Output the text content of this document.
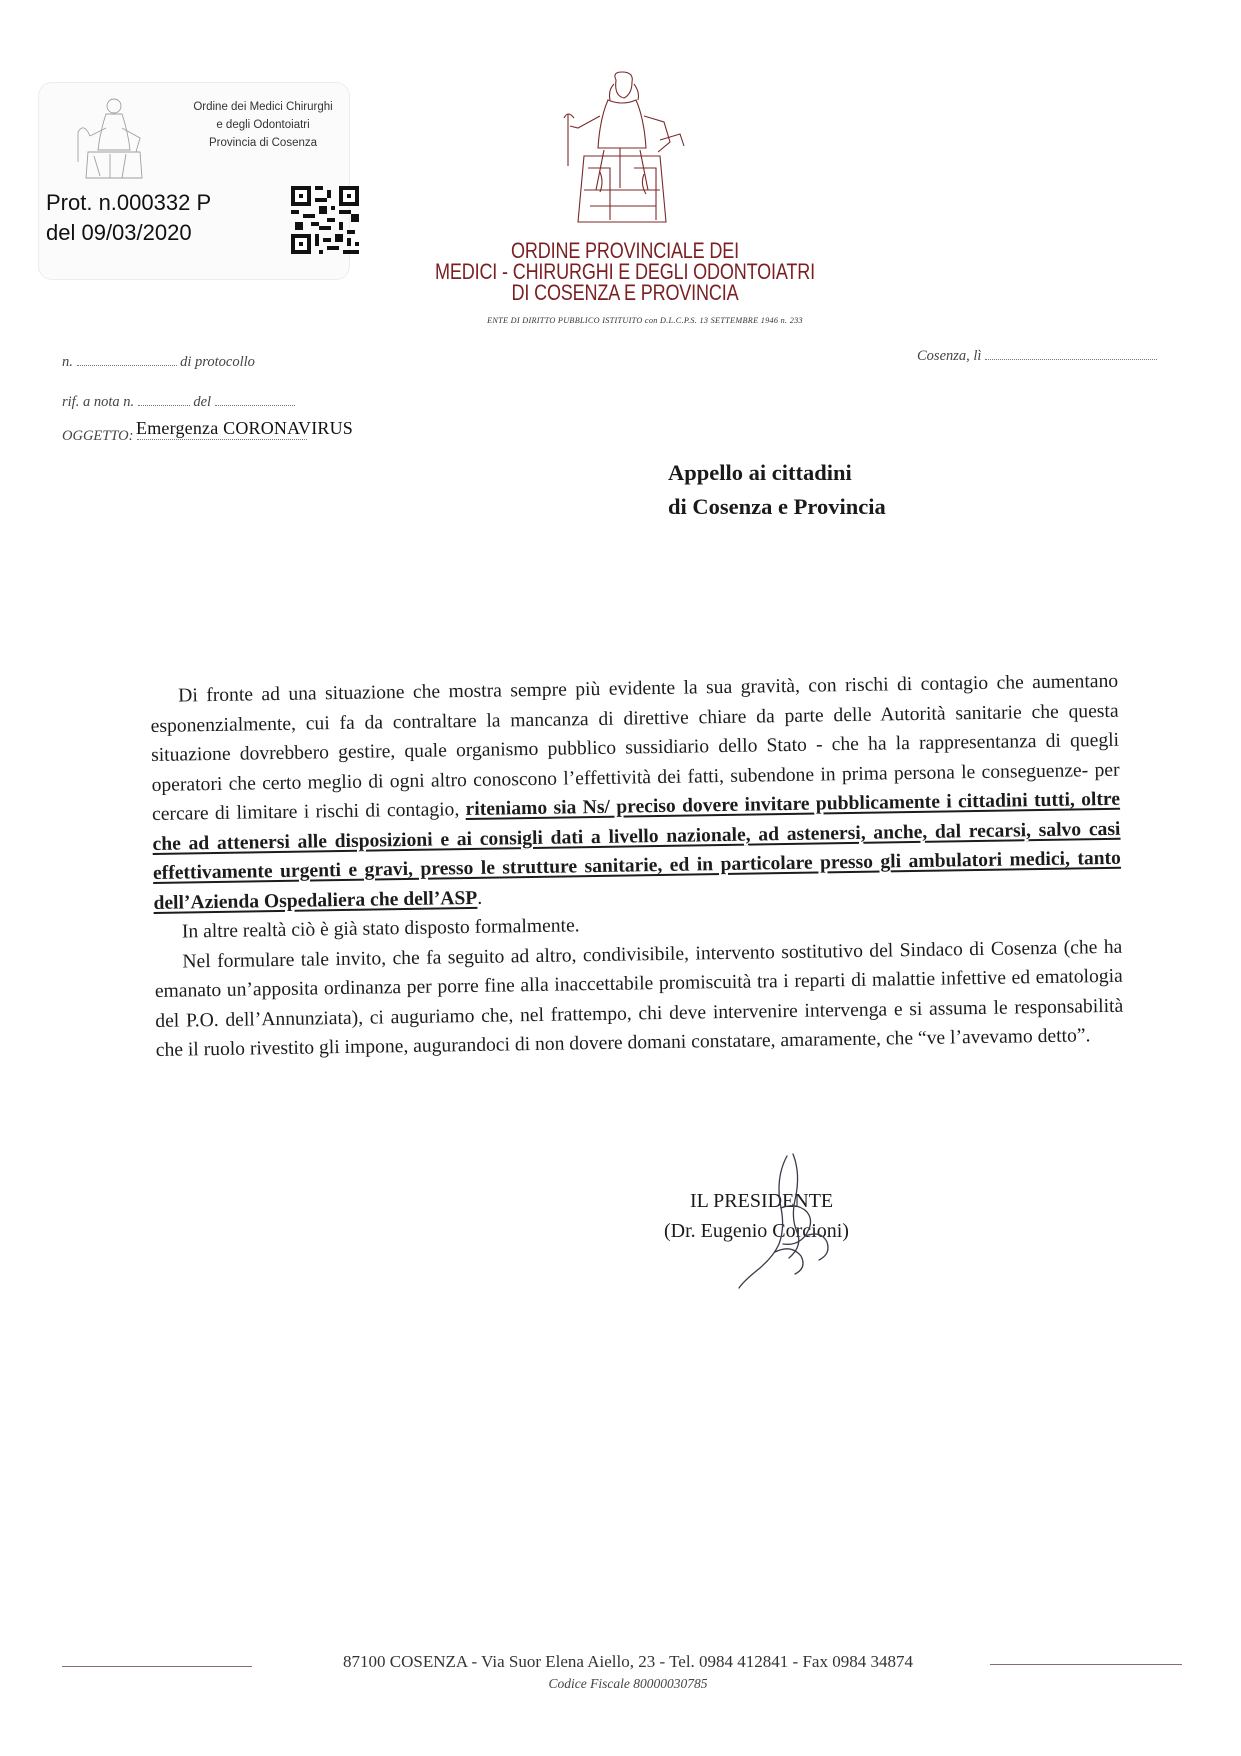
Ordine dei Medici Chirurghi
e degli Odontoiatri
Provincia di Cosenza
Prot. n.000332 P
del 09/03/2020
ORDINE PROVINCIALE DEI
MEDICI - CHIRURGHI E DEGLI ODONTOIATRI
DI COSENZA E PROVINCIA
ENTE DI DIRITTO PUBBLICO ISTITUITO con D.L.C.P.S. 13 SETTEMBRE 1946 n. 233
n.	di protocollo
rif. a nota n.	del
Cosenza, lì
OGGETTO: Emergenza CORONAVIRUS
Appello ai cittadini
di Cosenza e Provincia

Di fronte ad una situazione che mostra sempre più evidente la sua gravità, con rischi di contagio che aumentano esponenzialmente, cui fa da contraltare la mancanza di direttive chiare da parte delle Autorità sanitarie che questa situazione dovrebbero gestire, quale organismo pubblico sussidiario dello Stato - che ha la rappresentanza di quegli operatori che certo meglio di ogni altro conoscono l’effettività dei fatti, subendone in prima persona le conseguenze- per cercare di limitare i rischi di contagio, riteniamo sia Ns/ preciso dovere invitare pubblicamente i cittadini tutti, oltre che ad attenersi alle disposizioni e ai consigli dati a livello nazionale, ad astenersi, anche, dal recarsi, salvo casi effettivamente urgenti e gravi, presso le strutture sanitarie, ed in particolare presso gli ambulatori medici, tanto dell’Azienda Ospedaliera che dell’ASP.

In altre realtà ciò è già stato disposto formalmente.

Nel formulare tale invito, che fa seguito ad altro, condivisibile, intervento sostitutivo del Sindaco di Cosenza (che ha emanato un’apposita ordinanza per porre fine alla inaccettabile promiscuità tra i reparti di malattie infettive ed ematologia del P.O. dell’Annunziata), ci auguriamo che, nel frattempo, chi deve intervenire intervenga e si assuma le responsabilità che il ruolo rivestito gli impone, augurandoci di non dovere domani constatare, amaramente, che “ve l’avevamo detto”.

IL PRESIDENTE
(Dr. Eugenio Corcioni)
87100 COSENZA - Via Suor Elena Aiello, 23 - Tel. 0984 412841 - Fax 0984 34874
Codice Fiscale 80000030785
